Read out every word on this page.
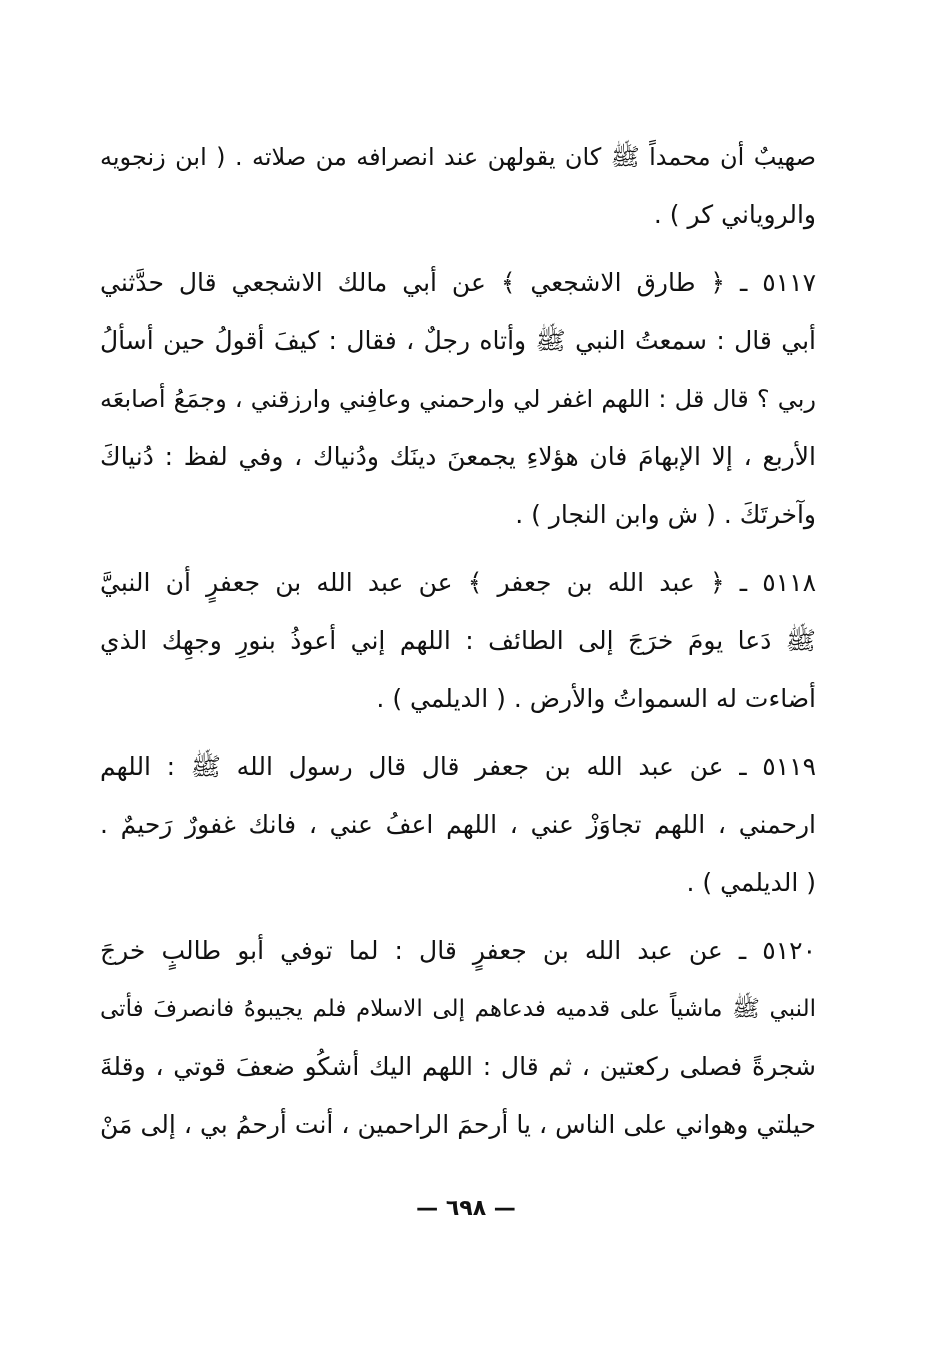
صهيبٌ أن محمداً ﷺ كان يقولهن عند انصرافه من صلاته . ( ابن زنجويه
والروياني كر ) .
٥١١٧ ـ ﴿ طارق الاشجعي ﴾ عن أبي مالك الاشجعي قال حدَّثني
أبي قال : سمعتُ النبي ﷺ وأتاه رجلٌ ، فقال : كيفَ أقولُ حين أسألُ
ربي ؟ قال قل : اللهم اغفر لي وارحمني وعافِني وارزقني ، وجمَعُ أصابعَه
الأربع ، إلا الإبهامَ فان هؤلاءِ يجمعنَ دينَك ودُنياك ، وفي لفظ : دُنياكَ
وآخرتَكَ . ( ش وابن النجار ) .
٥١١٨ ـ ﴿ عبد الله بن جعفر ﴾ عن عبد الله بن جعفرٍ أن النبيَّ
ﷺ دَعا يومَ خرَجَ إلى الطائف : اللهم إني أعوذُ بنورِ وجهِك الذي
أضاءت له السمواتُ والأرض . ( الديلمي ) .
٥١١٩ ـ عن عبد الله بن جعفر قال قال رسول الله ﷺ : اللهم
ارحمني ، اللهم تجاوَزْ عني ، اللهم اعفُ عني ، فانك غفورٌ رَحيمٌ .
( الديلمي ) .
٥١٢٠ ـ عن عبد الله بن جعفرٍ قال : لما توفي أبو طالبٍ خرجَ
النبي ﷺ ماشياً على قدميه فدعاهم إلى الاسلام فلم يجيبوهُ فانصرفَ فأتى
شجرةً فصلى ركعتين ، ثم قال : اللهم اليك أشكُو ضعفَ قوتي ، وقلةَ
حيلتي وهواني على الناس ، يا أرحمَ الراحمين ، أنت أرحمُ بي ، إلى مَنْ
— ٦٩٨ —
